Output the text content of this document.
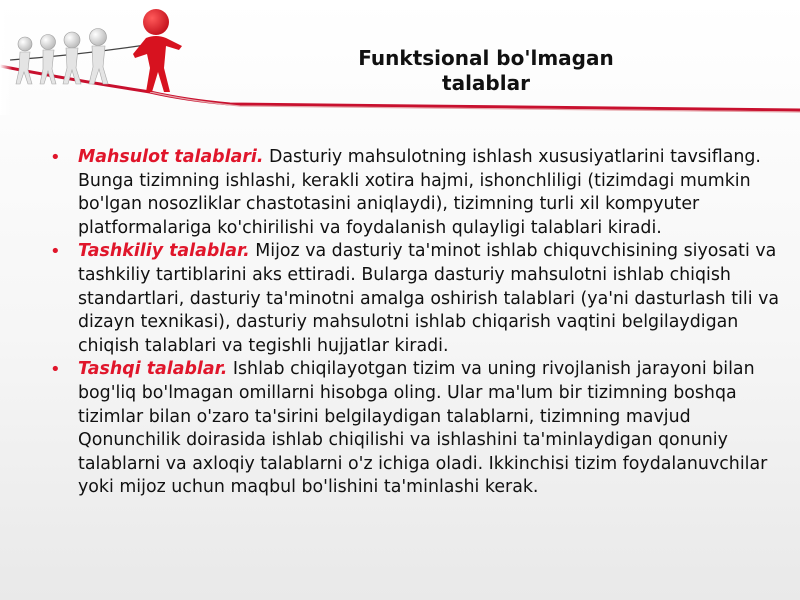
Funktsional bo'lmagan
talablar
• Mahsulot talablari. Dasturiy mahsulotning ishlash xususiyatlarini tavsiflang. Bunga tizimning ishlashi, kerakli xotira hajmi, ishonchliligi (tizimdagi mumkin bo'lgan nosozliklar chastotasini aniqlaydi), tizimning turli xil kompyuter platformalariga ko'chirilishi va foydalanish qulayligi talablari kiradi.
• Tashkiliy talablar. Mijoz va dasturiy ta'minot ishlab chiquvchisining siyosati va tashkiliy tartiblarini aks ettiradi. Bularga dasturiy mahsulotni ishlab chiqish standartlari, dasturiy ta'minotni amalga oshirish talablari (ya'ni dasturlash tili va dizayn texnikasi), dasturiy mahsulotni ishlab chiqarish vaqtini belgilaydigan chiqish talablari va tegishli hujjatlar kiradi.
• Tashqi talablar. Ishlab chiqilayotgan tizim va uning rivojlanish jarayoni bilan bog'liq bo'lmagan omillarni hisobga oling. Ular ma'lum bir tizimning boshqa tizimlar bilan o'zaro ta'sirini belgilaydigan talablarni, tizimning mavjud Qonunchilik doirasida ishlab chiqilishi va ishlashini ta'minlaydigan qonuniy talablarni va axloqiy talablarni o'z ichiga oladi. Ikkinchisi tizim foydalanuvchilar yoki mijoz uchun maqbul bo'lishini ta'minlashi kerak.
